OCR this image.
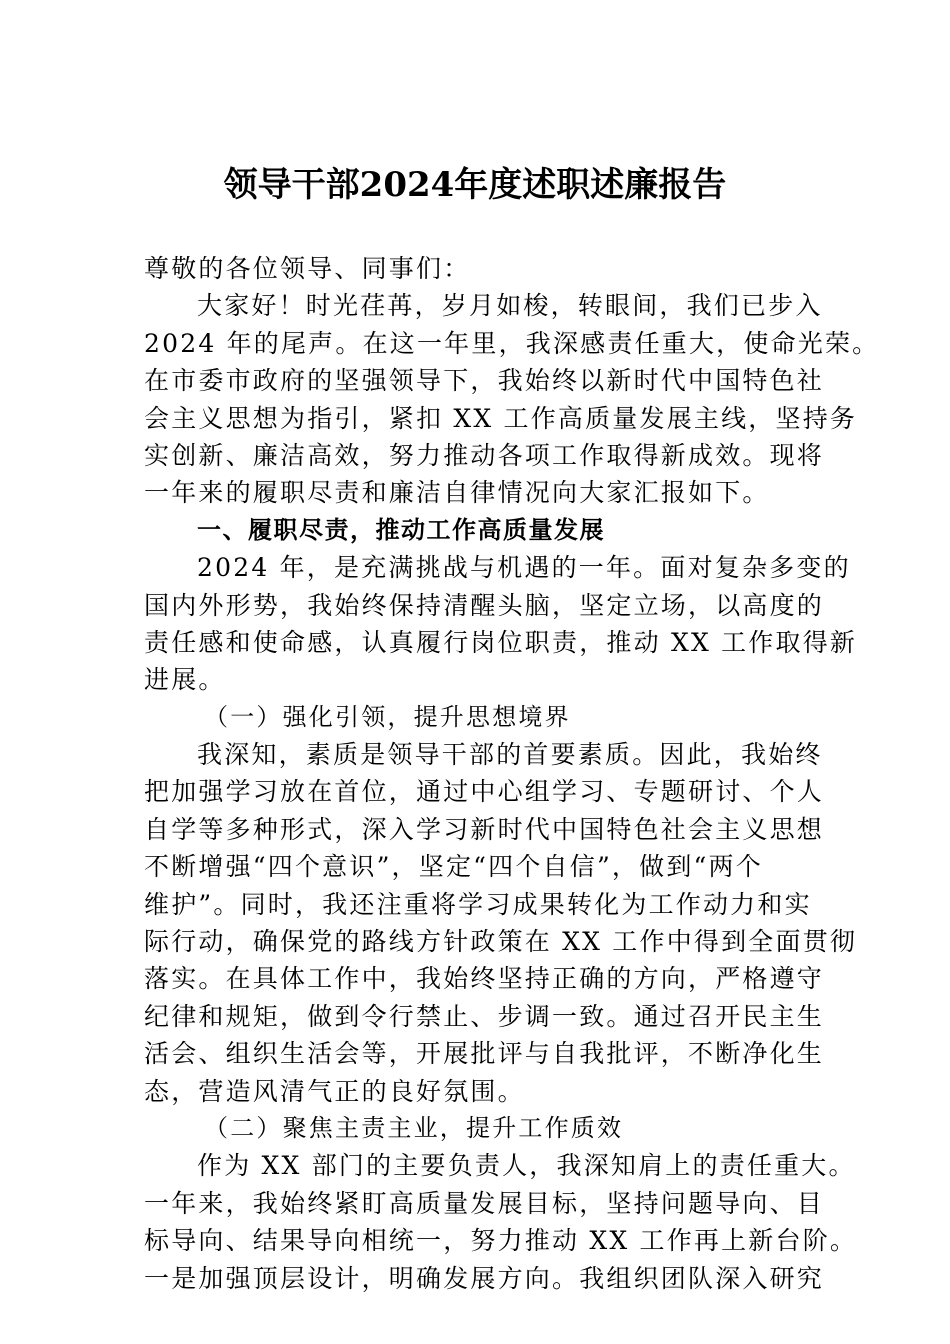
领导干部2024年度述职述廉报告
尊敬的各位领导、同事们：
大家好！时光荏苒，岁月如梭，转眼间，我们已步入
2024 年的尾声。在这一年里，我深感责任重大，使命光荣。
在市委市政府的坚强领导下，我始终以新时代中国特色社
会主义思想为指引，紧扣 XX 工作高质量发展主线，坚持务
实创新、廉洁高效，努力推动各项工作取得新成效。现将
一年来的履职尽责和廉洁自律情况向大家汇报如下。
一、履职尽责，推动工作高质量发展
2024 年，是充满挑战与机遇的一年。面对复杂多变的
国内外形势，我始终保持清醒头脑，坚定立场，以高度的
责任感和使命感，认真履行岗位职责，推动 XX 工作取得新
进展。
（一）强化引领，提升思想境界
我深知，素质是领导干部的首要素质。因此，我始终
把加强学习放在首位，通过中心组学习、专题研讨、个人
自学等多种形式，深入学习新时代中国特色社会主义思想
不断增强“四个意识”，坚定“四个自信”，做到“两个
维护”。同时，我还注重将学习成果转化为工作动力和实
际行动，确保党的路线方针政策在 XX 工作中得到全面贯彻
落实。在具体工作中，我始终坚持正确的方向，严格遵守
纪律和规矩，做到令行禁止、步调一致。通过召开民主生
活会、组织生活会等，开展批评与自我批评，不断净化生
态，营造风清气正的良好氛围。
（二）聚焦主责主业，提升工作质效
作为 XX 部门的主要负责人，我深知肩上的责任重大。
一年来，我始终紧盯高质量发展目标，坚持问题导向、目
标导向、结果导向相统一，努力推动 XX 工作再上新台阶。
一是加强顶层设计，明确发展方向。我组织团队深入研究
